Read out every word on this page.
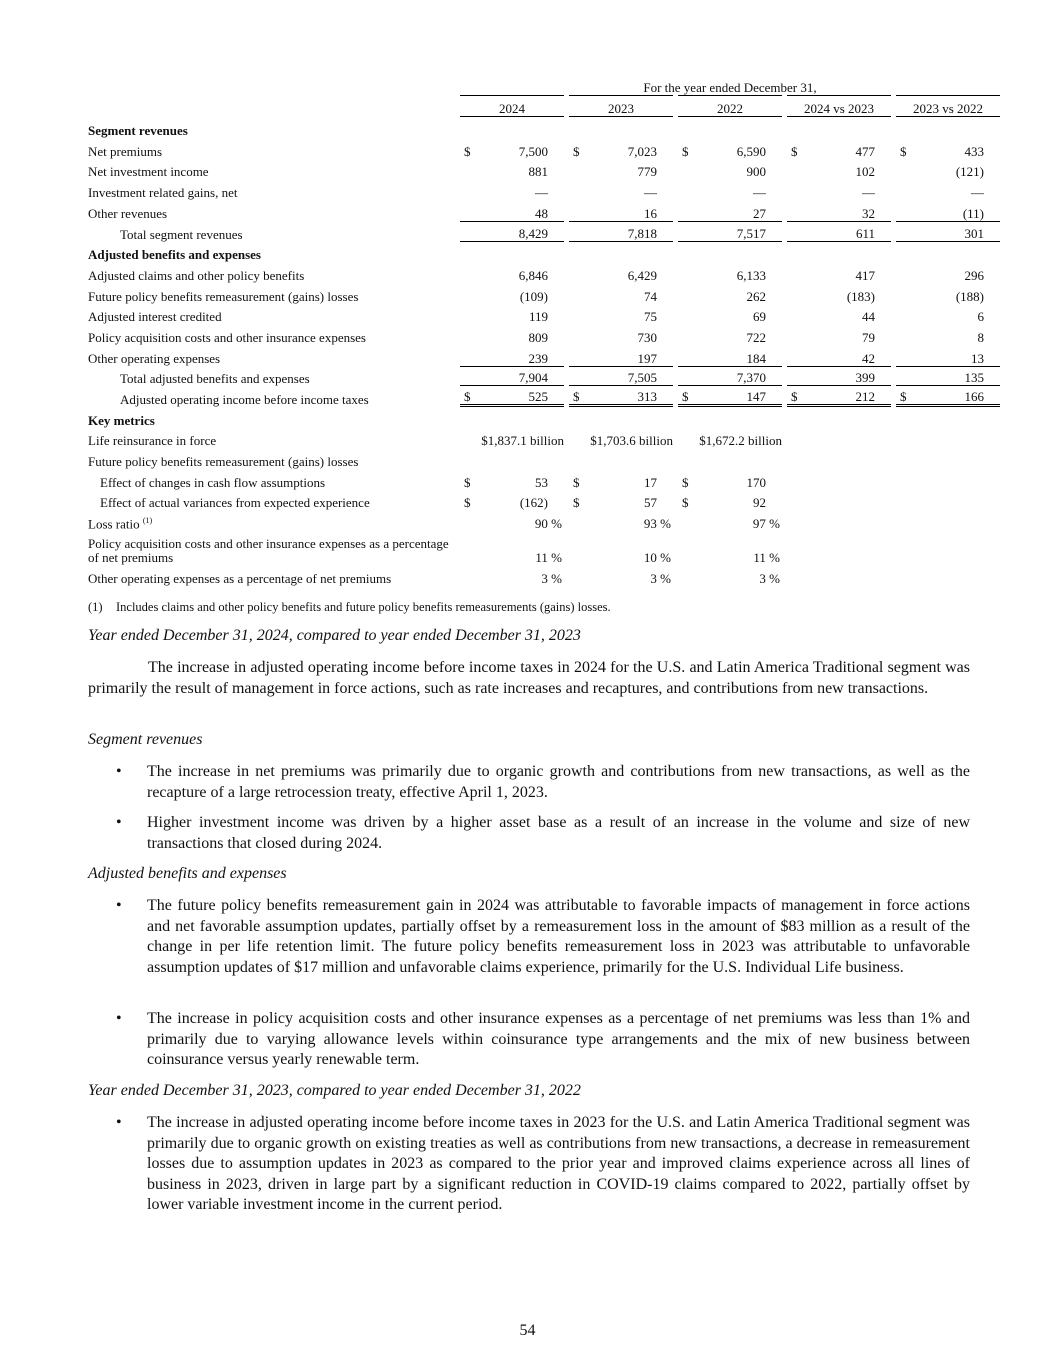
	For the year ended December 31,													
	2024			2023			2022			2024 vs 2023			2023 vs 2022	
Segment revenues														
Net premiums	$	7,500		$	7,023		$	6,590		$	477		$	433
Net investment income		881			779			900			102			(121)
Investment related gains, net		—			—			—			—			—
Other revenues		48			16			27			32			(11)
Total segment revenues		8,429			7,818			7,517			611			301
Adjusted benefits and expenses														
Adjusted claims and other policy benefits		6,846			6,429			6,133			417			296
Future policy benefits remeasurement (gains) losses		(109)			74			262			(183)			(188)
Adjusted interest credited		119			75			69			44			6
Policy acquisition costs and other insurance expenses		809			730			722			79			8
Other operating expenses		239			197			184			42			13
Total adjusted benefits and expenses		7,904			7,505			7,370			399			135
Adjusted operating income before income taxes	$	525		$	313		$	147		$	212		$	166
Key metrics														
Life reinsurance in force	$1,837.1 billion			$1,703.6 billion			$1,672.2 billion							
Future policy benefits remeasurement (gains) losses														
Effect of changes in cash flow assumptions	$	53		$	17		$	170						
Effect of actual variances from expected experience	$	(162)		$	57		$	92						
Loss ratio $^{(1)}$		90 %			93 %			97 %						
Policy acquisition costs and other insurance expenses as a percentage of net premiums		11 %			10 %			11 %						
Other operating expenses as a percentage of net premiums		3 %			3 %			3 %						
(1) Includes claims and other policy benefits and future policy benefits remeasurements (gains) losses.
Year ended December 31, 2024, compared to year ended December 31, 2023
The increase in adjusted operating income before income taxes in 2024 for the U.S. and Latin America Traditional segment was primarily the result of management in force actions, such as rate increases and recaptures, and contributions from new transactions.
Segment revenues
• The increase in net premiums was primarily due to organic growth and contributions from new transactions, as well as the recapture of a large retrocession treaty, effective April 1, 2023.
• Higher investment income was driven by a higher asset base as a result of an increase in the volume and size of new transactions that closed during 2024.
Adjusted benefits and expenses
• The future policy benefits remeasurement gain in 2024 was attributable to favorable impacts of management in force actions and net favorable assumption updates, partially offset by a remeasurement loss in the amount of $83 million as a result of the change in per life retention limit. The future policy benefits remeasurement loss in 2023 was attributable to unfavorable assumption updates of $17 million and unfavorable claims experience, primarily for the U.S. Individual Life business.
• The increase in policy acquisition costs and other insurance expenses as a percentage of net premiums was less than 1% and primarily due to varying allowance levels within coinsurance type arrangements and the mix of new business between coinsurance versus yearly renewable term.
Year ended December 31, 2023, compared to year ended December 31, 2022
• The increase in adjusted operating income before income taxes in 2023 for the U.S. and Latin America Traditional segment was primarily due to organic growth on existing treaties as well as contributions from new transactions, a decrease in remeasurement losses due to assumption updates in 2023 as compared to the prior year and improved claims experience across all lines of business in 2023, driven in large part by a significant reduction in COVID-19 claims compared to 2022, partially offset by lower variable investment income in the current period.
54
